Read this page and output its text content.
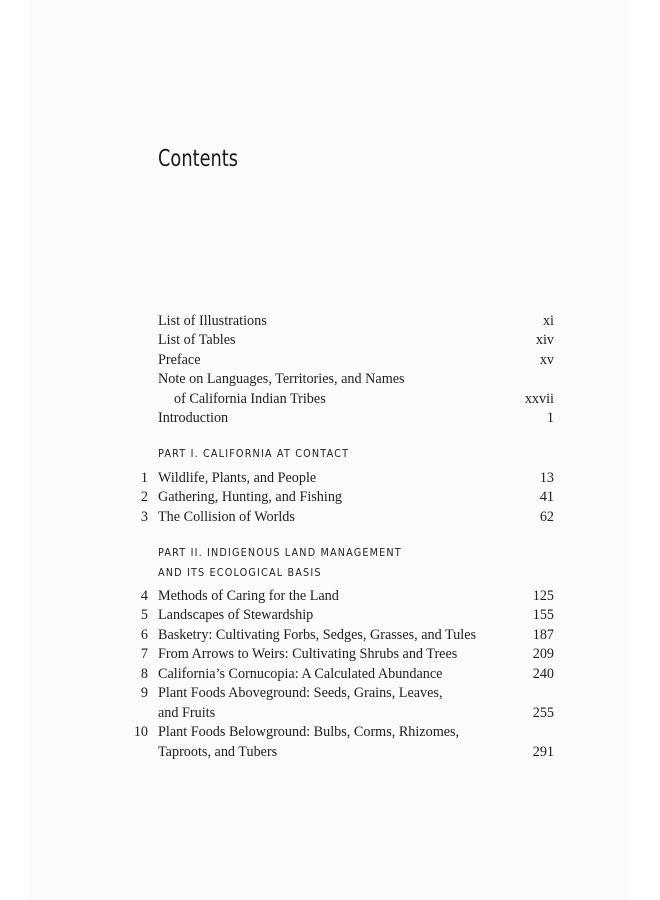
Contents
List of Illustrations	xi
List of Tables	xiv
Preface	xv
Note on Languages, Territories, and Names
of California Indian Tribes	xxvii
Introduction	1
PART I. CALIFORNIA AT CONTACT
1 Wildlife, Plants, and People	13
2 Gathering, Hunting, and Fishing	41
3 The Collision of Worlds	62
PART II. INDIGENOUS LAND MANAGEMENT
AND ITS ECOLOGICAL BASIS
4 Methods of Caring for the Land	125
5 Landscapes of Stewardship	155
6 Basketry: Cultivating Forbs, Sedges, Grasses, and Tules	187
7 From Arrows to Weirs: Cultivating Shrubs and Trees	209
8 California’s Cornucopia: A Calculated Abundance	240
9 Plant Foods Aboveground: Seeds, Grains, Leaves,
and Fruits	255
10 Plant Foods Belowground: Bulbs, Corms, Rhizomes,
Taproots, and Tubers	291
